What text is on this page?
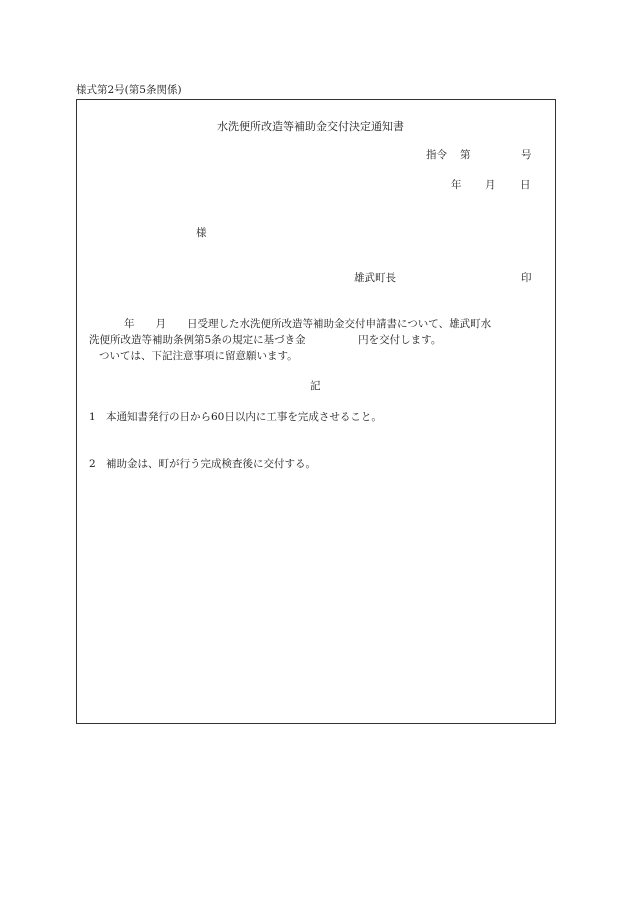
様式第2号(第5条関係)
水洗便所改造等補助金交付決定通知書
指令 第	号
年 月 日
様
雄武町長	印
年　　月　　日受理した水洗便所改造等補助金交付申請書について、雄武町水
洗便所改造等補助条例第5条の規定に基づき金　　　　　円を交付します。
ついては、下記注意事項に留意願います。
記
1 本通知書発行の日から60日以内に工事を完成させること。
2 補助金は、町が行う完成検査後に交付する。
